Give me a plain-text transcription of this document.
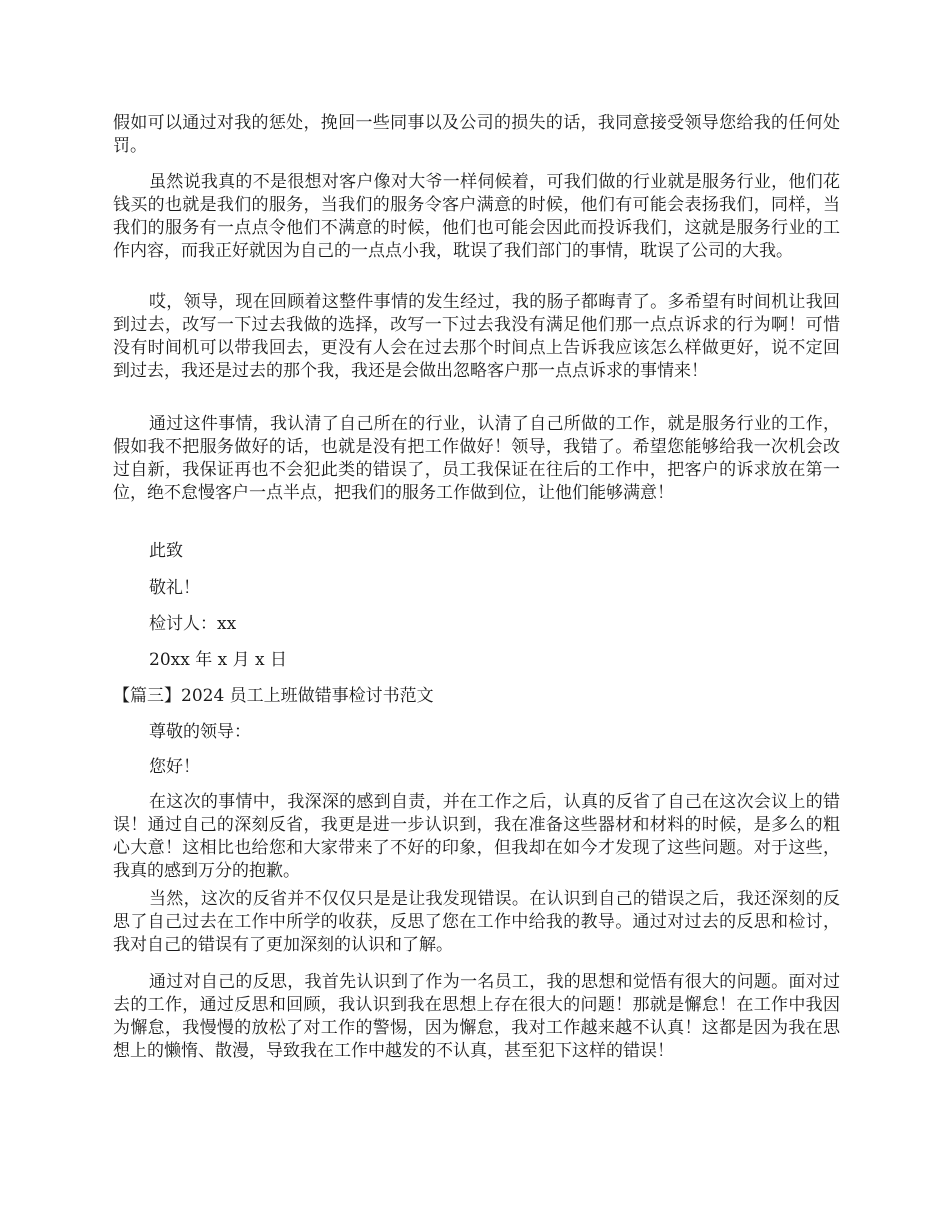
假如可以通过对我的惩处，挽回一些同事以及公司的损失的话，我同意接受领导您给我的任何处罚。

虽然说我真的不是很想对客户像对大爷一样伺候着，可我们做的行业就是服务行业，他们花钱买的也就是我们的服务，当我们的服务令客户满意的时候，他们有可能会表扬我们，同样，当我们的服务有一点点令他们不满意的时候，他们也可能会因此而投诉我们，这就是服务行业的工作内容，而我正好就因为自己的一点点小我，耽误了我们部门的事情，耽误了公司的大我。

哎，领导，现在回顾着这整件事情的发生经过，我的肠子都晦青了。多希望有时间机让我回到过去，改写一下过去我做的选择，改写一下过去我没有满足他们那一点点诉求的行为啊！可惜没有时间机可以带我回去，更没有人会在过去那个时间点上告诉我应该怎么样做更好，说不定回到过去，我还是过去的那个我，我还是会做出忽略客户那一点点诉求的事情来！

通过这件事情，我认清了自己所在的行业，认清了自己所做的工作，就是服务行业的工作，假如我不把服务做好的话，也就是没有把工作做好！领导，我错了。希望您能够给我一次机会改过自新，我保证再也不会犯此类的错误了，员工我保证在往后的工作中，把客户的诉求放在第一位，绝不怠慢客户一点半点，把我们的服务工作做到位，让他们能够满意！

此致

敬礼！

检讨人：xx

20xx 年 x 月 x 日

【篇三】2024 员工上班做错事检讨书范文

尊敬的领导：

您好！

在这次的事情中，我深深的感到自责，并在工作之后，认真的反省了自己在这次会议上的错误！通过自己的深刻反省，我更是进一步认识到，我在准备这些器材和材料的时候，是多么的粗心大意！这相比也给您和大家带来了不好的印象，但我却在如今才发现了这些问题。对于这些，我真的感到万分的抱歉。

当然，这次的反省并不仅仅只是是让我发现错误。在认识到自己的错误之后，我还深刻的反思了自己过去在工作中所学的收获，反思了您在工作中给我的教导。通过对过去的反思和检讨，我对自己的错误有了更加深刻的认识和了解。

通过对自己的反思，我首先认识到了作为一名员工，我的思想和觉悟有很大的问题。面对过去的工作，通过反思和回顾，我认识到我在思想上存在很大的问题！那就是懈怠！在工作中我因为懈怠，我慢慢的放松了对工作的警惕，因为懈怠，我对工作越来越不认真！这都是因为我在思想上的懒惰、散漫，导致我在工作中越发的不认真，甚至犯下这样的错误！
